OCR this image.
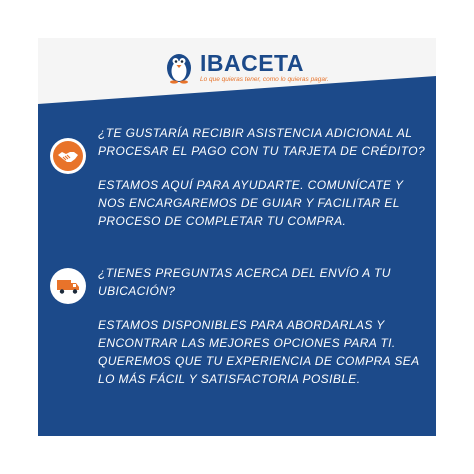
IBACETA
Lo que quieras tener, como lo quieras pagar.

¿TE GUSTARÍA RECIBIR ASISTENCIA ADICIONAL AL PROCESAR EL PAGO CON TU TARJETA DE CRÉDITO?

ESTAMOS AQUÍ PARA AYUDARTE. COMUNÍCATE Y NOS ENCARGAREMOS DE GUIAR Y FACILITAR EL PROCESO DE COMPLETAR TU COMPRA.

¿TIENES PREGUNTAS ACERCA DEL ENVÍO A TU UBICACIÓN?

ESTAMOS DISPONIBLES PARA ABORDARLAS Y ENCONTRAR LAS MEJORES OPCIONES PARA TI. QUEREMOS QUE TU EXPERIENCIA DE COMPRA SEA LO MÁS FÁCIL Y SATISFACTORIA POSIBLE.
